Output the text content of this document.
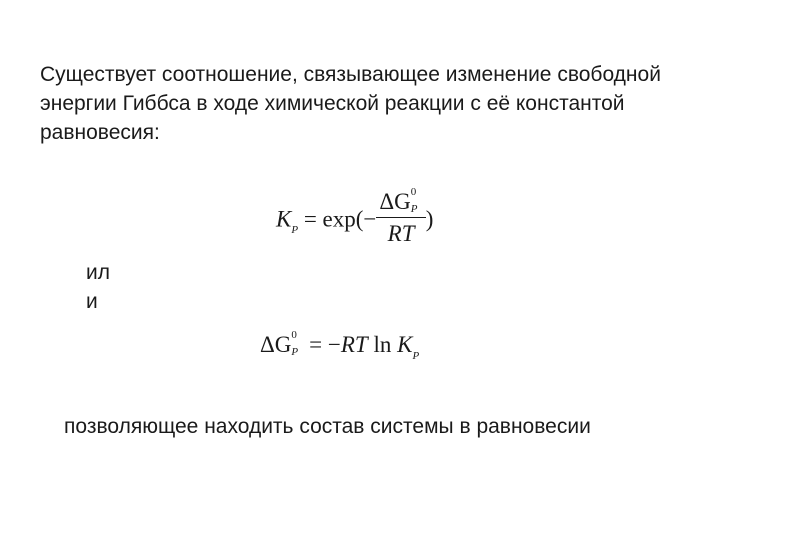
Существует соотношение, связывающее изменение свободной
энергии Гиббса в ходе химической реакции с её константой
равновесия:
$K_P = \exp(- \Delta G$ 0
P
RT )
ил
и
ΔG 0
P = −RT $\ln K_P$
позволяющее находить состав системы в равновесии
